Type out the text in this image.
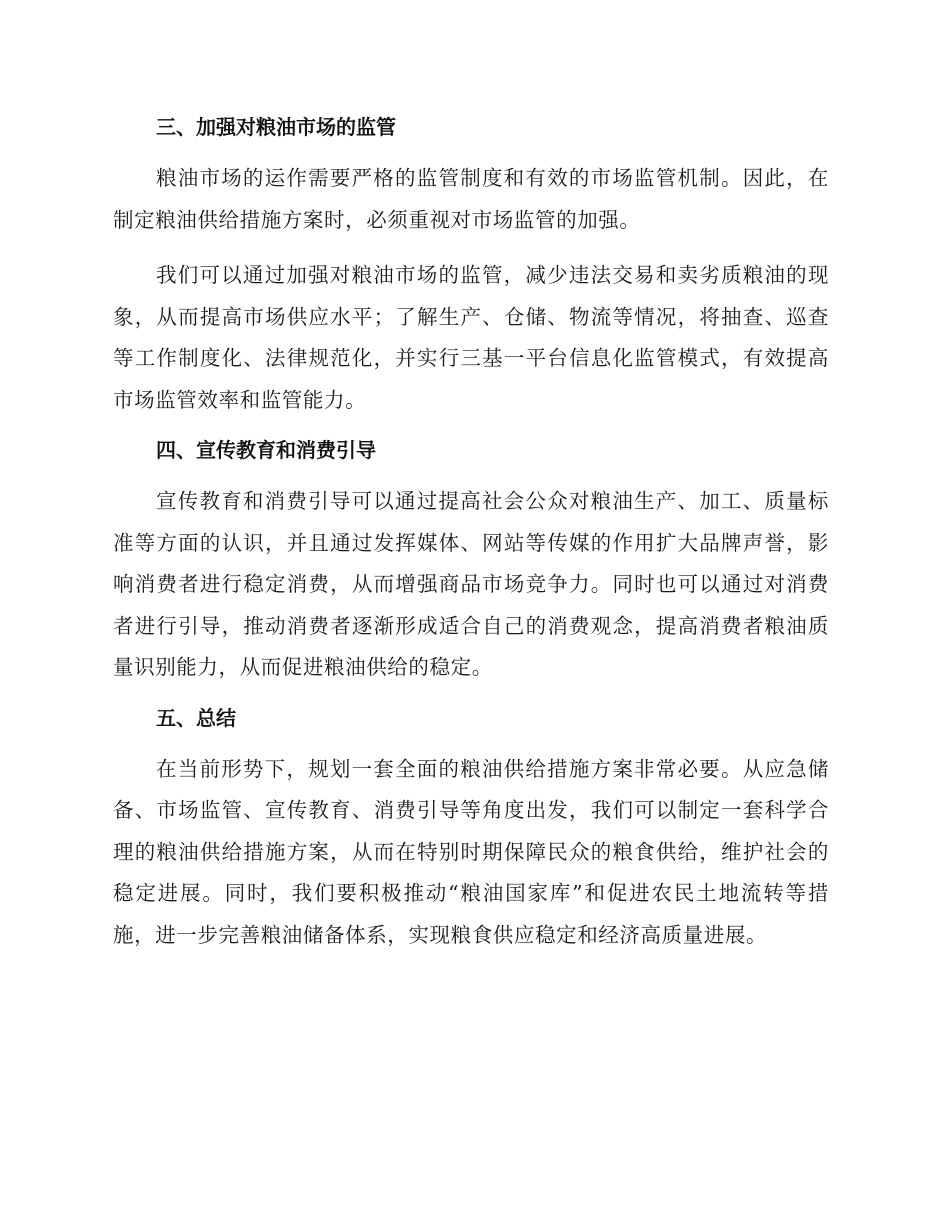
三、加强对粮油市场的监管

粮油市场的运作需要严格的监管制度和有效的市场监管机制。因此，在制定粮油供给措施方案时，必须重视对市场监管的加强。

我们可以通过加强对粮油市场的监管，减少违法交易和卖劣质粮油的现象，从而提高市场供应水平；了解生产、仓储、物流等情况，将抽查、巡查等工作制度化、法律规范化，并实行三基一平台信息化监管模式，有效提高市场监管效率和监管能力。

四、宣传教育和消费引导

宣传教育和消费引导可以通过提高社会公众对粮油生产、加工、质量标准等方面的认识，并且通过发挥媒体、网站等传媒的作用扩大品牌声誉，影响消费者进行稳定消费，从而增强商品市场竞争力。同时也可以通过对消费者进行引导，推动消费者逐渐形成适合自己的消费观念，提高消费者粮油质量识别能力，从而促进粮油供给的稳定。

五、总结

在当前形势下，规划一套全面的粮油供给措施方案非常必要。从应急储备、市场监管、宣传教育、消费引导等角度出发，我们可以制定一套科学合理的粮油供给措施方案，从而在特别时期保障民众的粮食供给，维护社会的稳定进展。同时，我们要积极推动“粮油国家库”和促进农民土地流转等措施，进一步完善粮油储备体系，实现粮食供应稳定和经济高质量进展。
